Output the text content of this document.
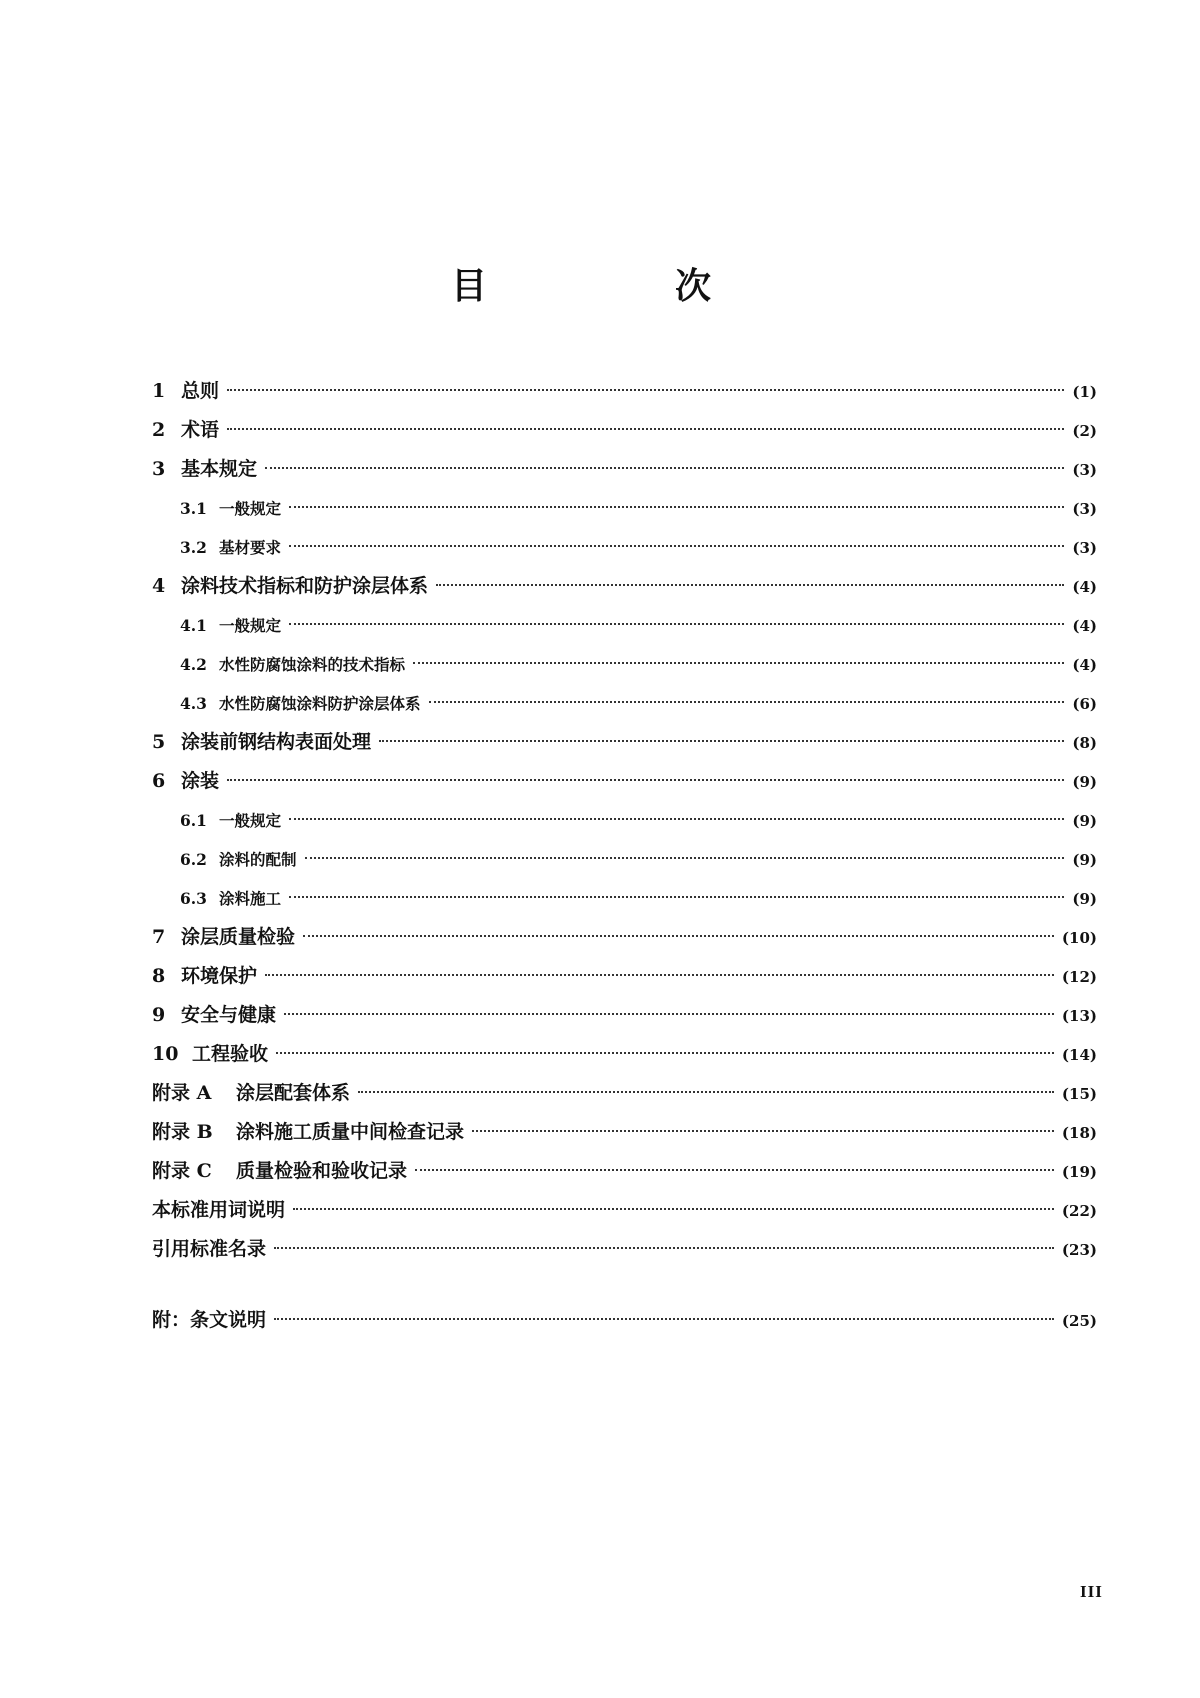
目　次
1 总则	(1)
2 术语	(2)
3 基本规定	(3)
3.1 一般规定	(3)
3.2 基材要求	(3)
4 涂料技术指标和防护涂层体系	(4)
4.1 一般规定	(4)
4.2 水性防腐蚀涂料的技术指标	(4)
4.3 水性防腐蚀涂料防护涂层体系	(6)
5 涂装前钢结构表面处理	(8)
6 涂装	(9)
6.1 一般规定	(9)
6.2 涂料的配制	(9)
6.3 涂料施工	(9)
7 涂层质量检验	(10)
8 环境保护	(12)
9 安全与健康	(13)
10 工程验收	(14)
附录 A	涂层配套体系	(15)
附录 B	涂料施工质量中间检查记录	(18)
附录 C	质量检验和验收记录	(19)
本标准用词说明	(22)
引用标准名录	(23)
附：条文说明	(25)
III
